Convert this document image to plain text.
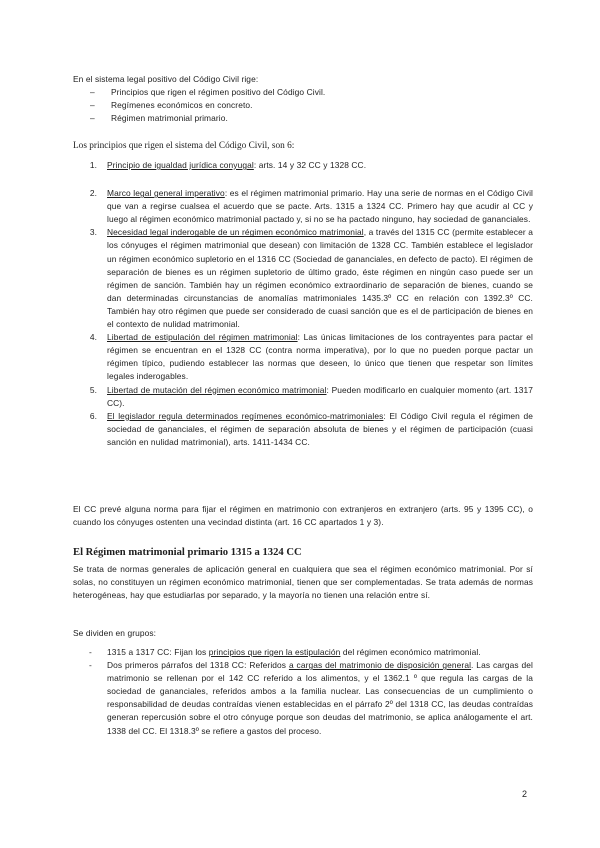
En el sistema legal positivo del Código Civil rige:
–	Principios que rigen el régimen positivo del Código Civil.
–	Regímenes económicos en concreto.
–	Régimen matrimonial primario.
Los principios que rigen el sistema del Código Civil, son 6:
1.	Principio de igualdad jurídica conyugal: arts. 14 y 32 CC y 1328 CC.
2.	Marco legal general imperativo: es el régimen matrimonial primario. Hay una serie de normas en el Código Civil que van a regirse cualsea el acuerdo que se pacte. Arts. 1315 a 1324 CC. Primero hay que acudir al CC y luego al régimen económico matrimonial pactado y, si no se ha pactado ninguno, hay sociedad de gananciales.
3.	Necesidad legal inderogable de un régimen económico matrimonial, a través del 1315 CC (permite establecer a los cónyuges el régimen matrimonial que desean) con limitación de 1328 CC. También establece el legislador un régimen económico supletorio en el 1316 CC (Sociedad de gananciales, en defecto de pacto). El régimen de separación de bienes es un régimen supletorio de último grado, éste régimen en ningún caso puede ser un régimen de sanción. También hay un régimen económico extraordinario de separación de bienes, cuando se dan determinadas circunstancias de anomalías matrimoniales 1435.3º CC en relación con 1392.3º CC. También hay otro régimen que puede ser considerado de cuasi sanción que es el de participación de bienes en el contexto de nulidad matrimonial.
4.	Libertad de estipulación del régimen matrimonial: Las únicas limitaciones de los contrayentes para pactar el régimen se encuentran en el 1328 CC (contra norma imperativa), por lo que no pueden porque pactar un régimen típico, pudiendo establecer las normas que deseen, lo único que tienen que respetar son límites legales inderogables.
5.	Libertad de mutación del régimen económico matrimonial: Pueden modificarlo en cualquier momento (art. 1317 CC).
6.	El legislador regula determinados regímenes económico-matrimoniales: El Código Civil regula el régimen de sociedad de gananciales, el régimen de separación absoluta de bienes y el régimen de participación (cuasi sanción en nulidad matrimonial), arts. 1411-1434 CC.
El CC prevé alguna norma para fijar el régimen en matrimonio con extranjeros en extranjero (arts. 95 y 1395 CC), o cuando los cónyuges ostenten una vecindad distinta (art. 16 CC apartados 1 y 3).
El Régimen matrimonial primario 1315 a 1324 CC
Se trata de normas generales de aplicación general en cualquiera que sea el régimen económico matrimonial. Por sí solas, no constituyen un régimen económico matrimonial, tienen que ser complementadas. Se trata además de normas heterogéneas, hay que estudiarlas por separado, y la mayoría no tienen una relación entre sí.
Se dividen en grupos:
-	1315 a 1317 CC: Fijan los principios que rigen la estipulación del régimen económico matrimonial.
-	Dos primeros párrafos del 1318 CC: Referidos a cargas del matrimonio de disposición general. Las cargas del matrimonio se rellenan por el 142 CC referido a los alimentos, y el 1362.1 º que regula las cargas de la sociedad de gananciales, referidos ambos a la familia nuclear. Las consecuencias de un cumplimiento o responsabilidad de deudas contraídas vienen establecidas en el párrafo 2º del 1318 CC, las deudas contraídas generan repercusión sobre el otro cónyuge porque son deudas del matrimonio, se aplica análogamente el art. 1338 del CC. El 1318.3º se refiere a gastos del proceso.
2
